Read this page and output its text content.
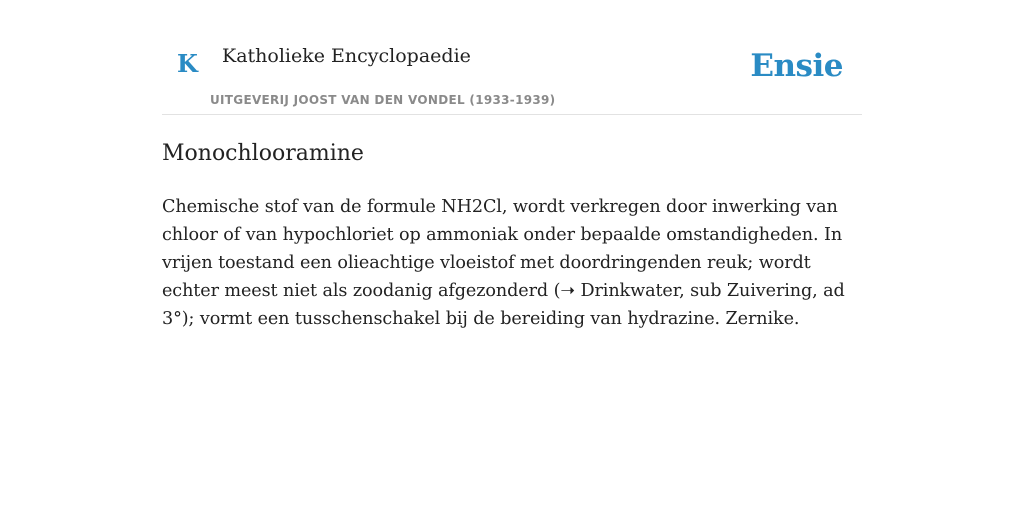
K Katholieke Encyclopaedie
UITGEVERIJ JOOST VAN DEN VONDEL (1933-1939)
Ensie
Monochlooramine

Chemische stof van de formule NH2Cl, wordt verkregen door inwerking van chloor of van hypochloriet op ammoniak onder bepaalde omstandigheden. In vrijen toestand een olieachtige vloeistof met doordringenden reuk; wordt echter meest niet als zoodanig afgezonderd (➝ Drinkwater, sub Zuivering, ad 3°); vormt een tusschenschakel bij de bereiding van hydrazine. Zernike.
